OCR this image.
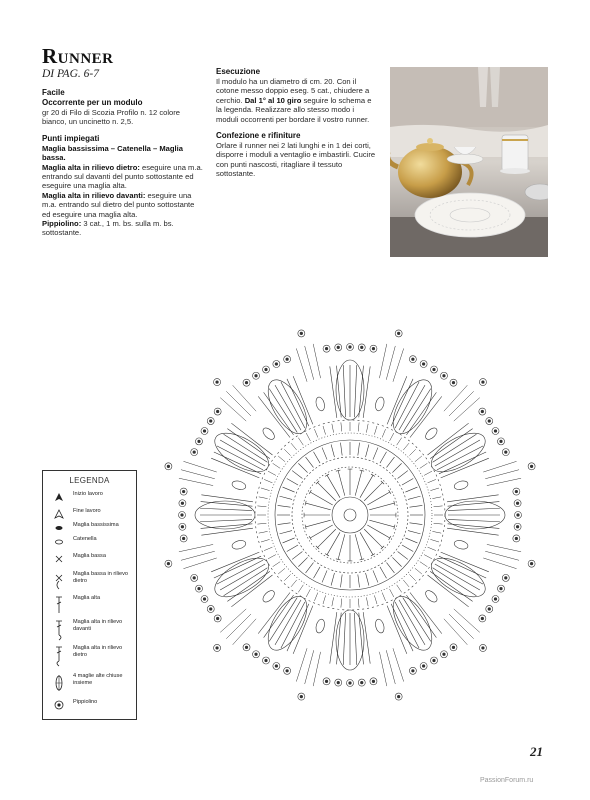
Runner
DI PAG. 6-7
Facile
Occorrente per un modulo

gr 20 di Filo di Scozia Profilo n. 12 colore bianco, un uncinetto n. 2,5.

Punti impiegati

Maglia bassissima – Catenella – Maglia bassa.

Maglia alta in rilievo dietro: eseguire una m.a. entrando sul davanti del punto sottostante ed eseguire una maglia alta.

Maglia alta in rilievo davanti: eseguire una m.a. entrando sul dietro del punto sottostante ed eseguire una maglia alta.

Pippiolino: 3 cat., 1 m. bs. sulla m. bs. sottostante.

Esecuzione

Il modulo ha un diametro di cm. 20. Con il cotone messo doppio eseg. 5 cat., chiudere a cerchio. Dal 1° al 10 giro seguire lo schema e la legenda. Realizzare allo stesso modo i moduli occorrenti per bordare il vostro runner.

Confezione e rifiniture

Orlare il runner nei 2 lati lunghi e in 1 dei corti, disporre i moduli a ventaglio e imbastirli. Cucire con punti nascosti, ritagliare il tessuto sottostante.

LEGENDA
Inizio lavoro
Fine lavoro
Maglia bassissima
Catenella
Maglia bassa
Maglia bassa in rilievo dietro
Maglia alta
Maglia alta in rilievo davanti
Maglia alta in rilievo dietro
4 maglie alte chiuse insieme
Pippiolino
21
PassionForum.ru
